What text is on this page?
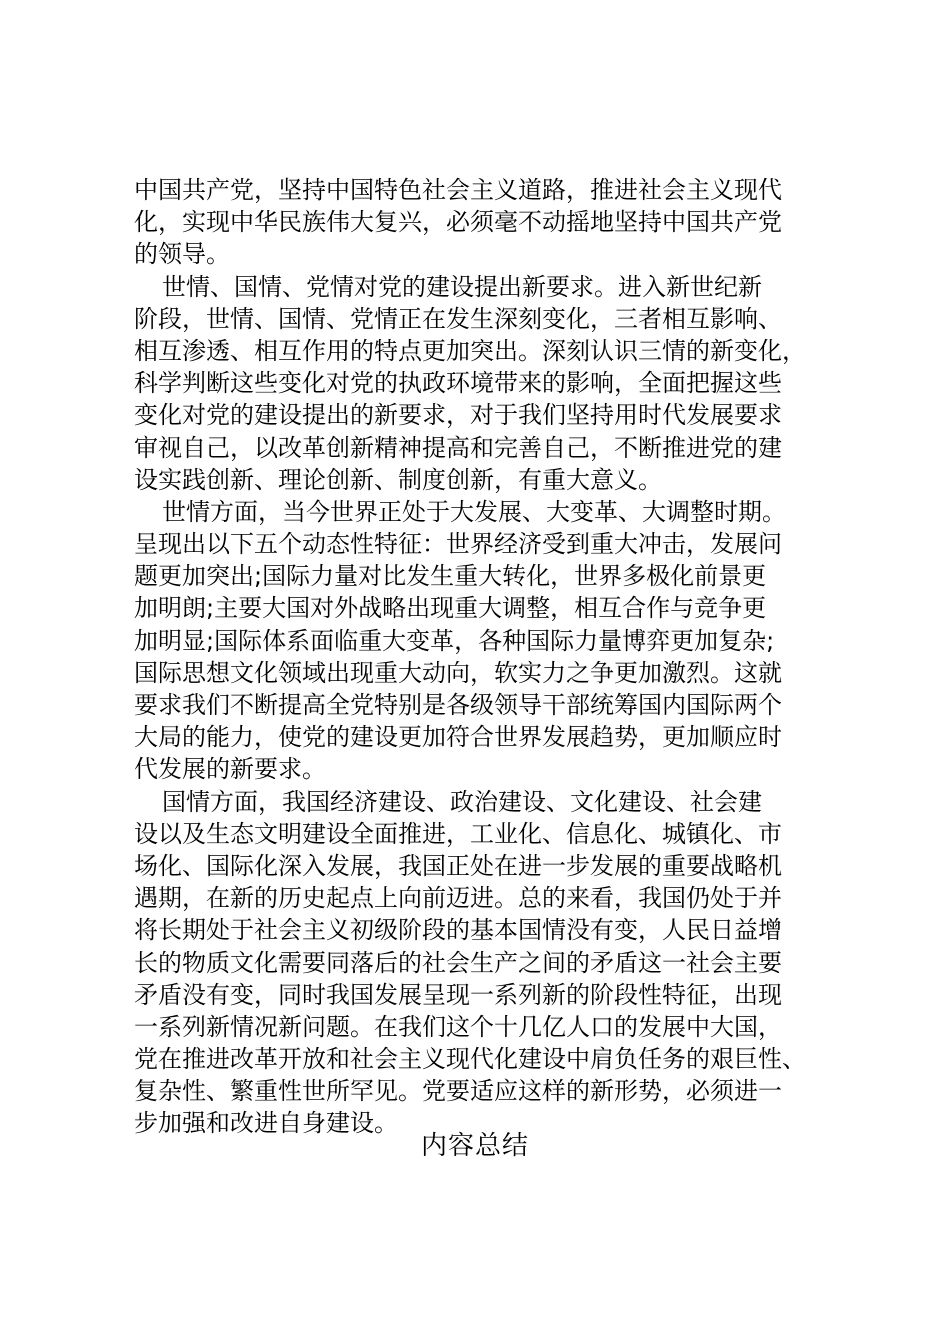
中国共产党，坚持中国特色社会主义道路，推进社会主义现代
化，实现中华民族伟大复兴，必须毫不动摇地坚持中国共产党
的领导。

世情、国情、党情对党的建设提出新要求。进入新世纪新
阶段，世情、国情、党情正在发生深刻变化，三者相互影响、
相互渗透、相互作用的特点更加突出。深刻认识三情的新变化，
科学判断这些变化对党的执政环境带来的影响，全面把握这些
变化对党的建设提出的新要求，对于我们坚持用时代发展要求
审视自己，以改革创新精神提高和完善自己，不断推进党的建
设实践创新、理论创新、制度创新，有重大意义。

世情方面，当今世界正处于大发展、大变革、大调整时期。
呈现出以下五个动态性特征：世界经济受到重大冲击，发展问
题更加突出;国际力量对比发生重大转化，世界多极化前景更
加明朗;主要大国对外战略出现重大调整，相互合作与竞争更
加明显;国际体系面临重大变革，各种国际力量博弈更加复杂;
国际思想文化领域出现重大动向，软实力之争更加激烈。这就
要求我们不断提高全党特别是各级领导干部统筹国内国际两个
大局的能力，使党的建设更加符合世界发展趋势，更加顺应时
代发展的新要求。

国情方面，我国经济建设、政治建设、文化建设、社会建
设以及生态文明建设全面推进，工业化、信息化、城镇化、市
场化、国际化深入发展，我国正处在进一步发展的重要战略机
遇期，在新的历史起点上向前迈进。总的来看，我国仍处于并
将长期处于社会主义初级阶段的基本国情没有变，人民日益增
长的物质文化需要同落后的社会生产之间的矛盾这一社会主要
矛盾没有变，同时我国发展呈现一系列新的阶段性特征，出现
一系列新情况新问题。在我们这个十几亿人口的发展中大国，
党在推进改革开放和社会主义现代化建设中肩负任务的艰巨性、
复杂性、繁重性世所罕见。党要适应这样的新形势，必须进一
步加强和改进自身建设。

内容总结
